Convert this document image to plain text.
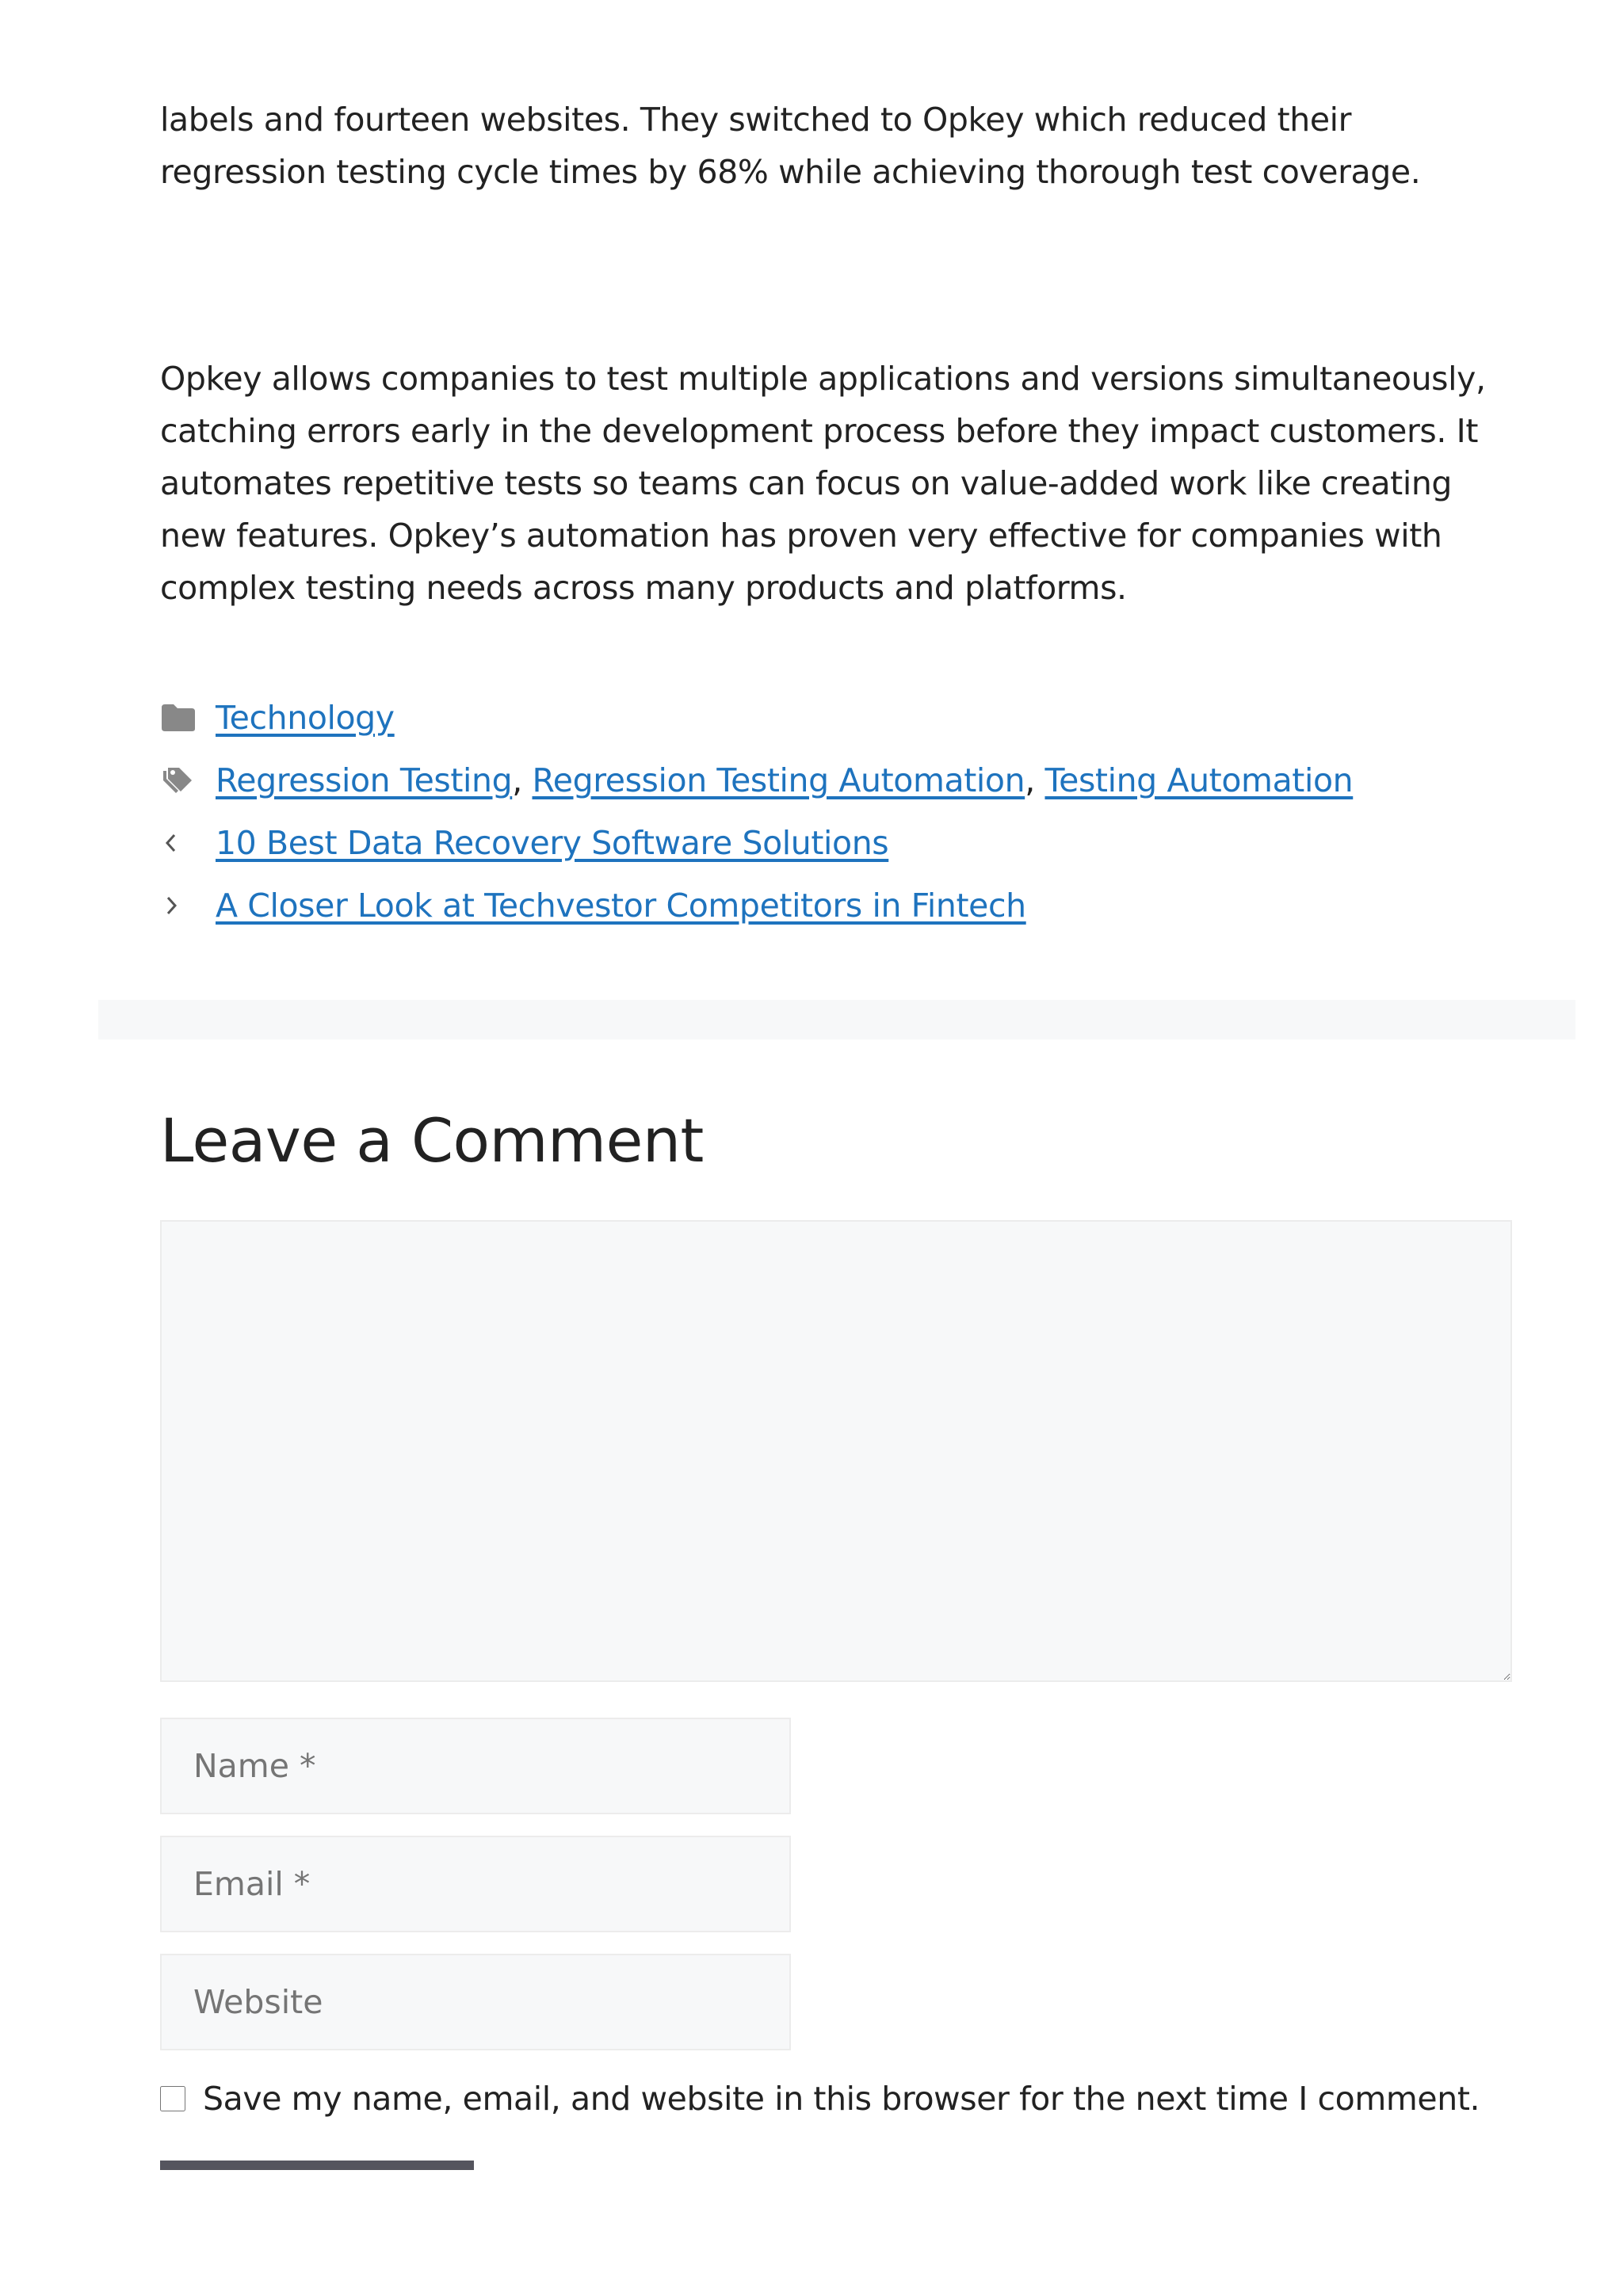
labels and fourteen websites. They switched to Opkey which reduced their regression testing cycle times by 68% while achieving thorough test coverage.

Opkey allows companies to test multiple applications and versions simultaneously, catching errors early in the development process before they impact customers. It automates repetitive tests so teams can focus on value-added work like creating new features. Opkey’s automation has proven very effective for companies with complex testing needs across many products and platforms.

Technology
Regression Testing ,
Regression Testing Automation ,
Testing Automation
10 Best Data Recovery Software Solutions
A Closer Look at Techvestor Competitors in Fintech
Leave a Comment
Name *
Email *
Website
Save my name, email, and website in this browser for the next time I comment.
